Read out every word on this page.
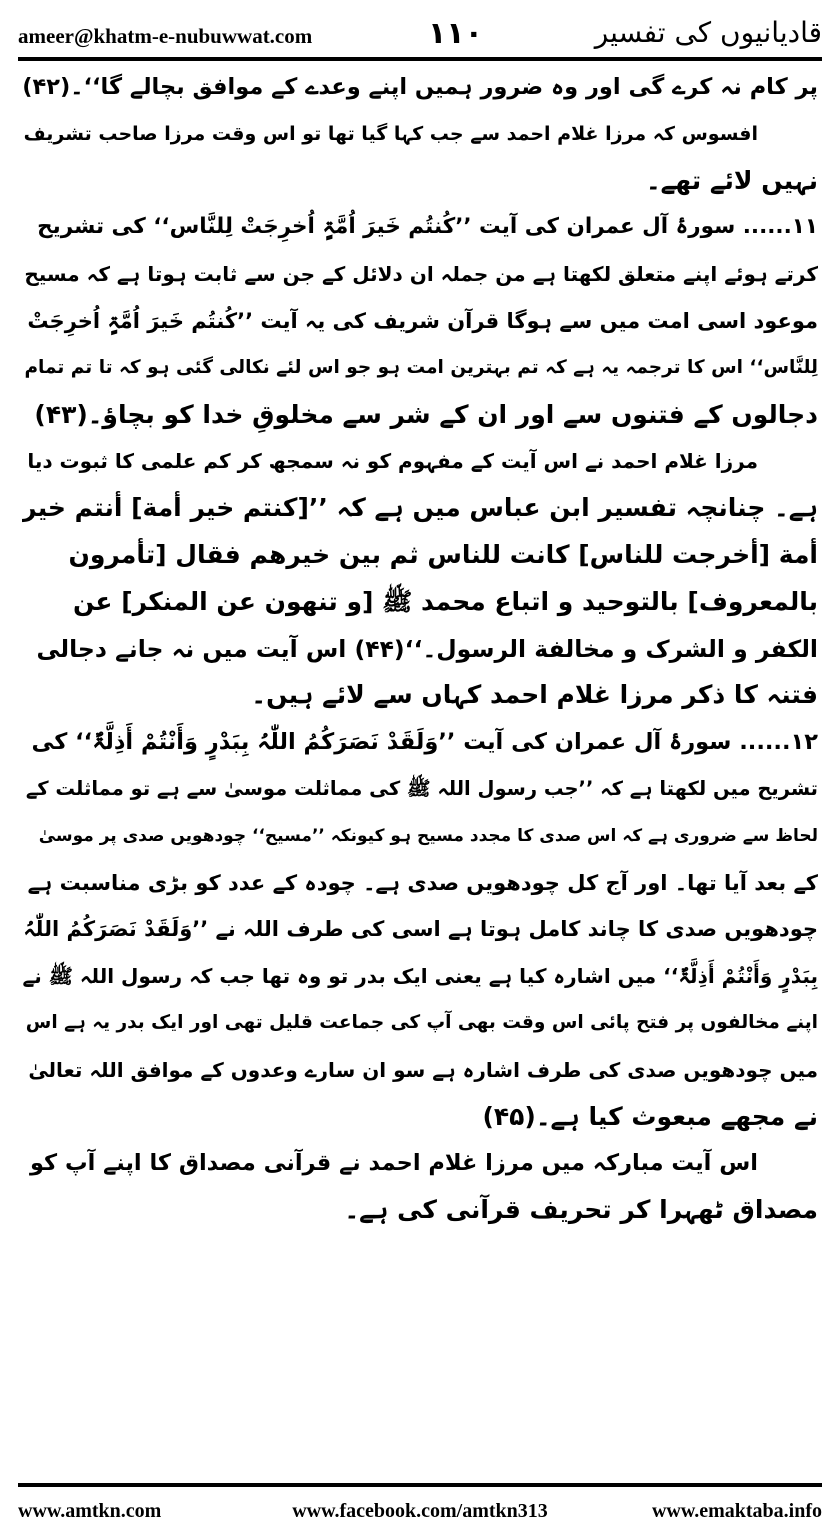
ameer@khatm-e-nubuwwat.com	۱۱۰	قادیانیوں کی تفسیر
پر کام نہ کرے گی اور وہ ضرور ہمیں اپنے وعدے کے موافق بچالے گا‘‘۔(۴۲)
افسوس کہ مرزا غلام احمد سے جب کہا گیا تھا تو اس وقت مرزا صاحب تشریف
نہیں لائے تھے۔
۱۱...... سورۂ آل عمران کی آیت ’’کُنتُم خَیرَ اُمَّۃٍ اُخرِجَتْ لِلنَّاس‘‘ کی تشریح
کرتے ہوئے اپنے متعلق لکھتا ہے من جملہ ان دلائل کے جن سے ثابت ہوتا ہے کہ مسیح
موعود اسی امت میں سے ہوگا قرآن شریف کی یہ آیت ’’کُنتُم خَیرَ اُمَّۃٍ اُخرِجَتْ
لِلنَّاس‘‘ اس کا ترجمہ یہ ہے کہ تم بہترین امت ہو جو اس لئے نکالی گئی ہو کہ تا تم تمام
دجالوں کے فتنوں سے اور ان کے شر سے مخلوقِ خدا کو بچاؤ۔(۴۳)
مرزا غلام احمد نے اس آیت کے مفہوم کو نہ سمجھ کر کم علمی کا ثبوت دیا
ہے۔ چنانچہ تفسیر ابن عباس میں ہے کہ ’’[کنتم خیر أمة] أنتم خیر
أمة [أخرجت للناس] کانت للناس ثم بین خیرهم فقال [تأمرون
بالمعروف] بالتوحید و اتباع محمد ﷺ [و تنهون عن المنکر] عن
الکفر و الشرک و مخالفة الرسول۔‘‘(۴۴) اس آیت میں نہ جانے دجالی
فتنہ کا ذکر مرزا غلام احمد کہاں سے لائے ہیں۔
۱۲...... سورۂ آل عمران کی آیت ’’وَلَقَدْ نَصَرَکُمُ اللّٰہُ بِبَدْرٍ وَأَنْتُمْ أَذِلَّۃٌ‘‘ کی
تشریح میں لکھتا ہے کہ ’’جب رسول اللہ ﷺ کی مماثلت موسیٰ سے ہے تو مماثلت کے
لحاظ سے ضروری ہے کہ اس صدی کا مجدد مسیح ہو کیونکہ ’’مسیح‘‘ چودھویں صدی پر موسیٰ
کے بعد آیا تھا۔ اور آج کل چودھویں صدی ہے۔ چودہ کے عدد کو بڑی مناسبت ہے
چودھویں صدی کا چاند کامل ہوتا ہے اسی کی طرف اللہ نے ’’وَلَقَدْ نَصَرَکُمُ اللّٰہُ
بِبَدْرٍ وَأَنْتُمْ أَذِلَّۃٌ‘‘ میں اشارہ کیا ہے یعنی ایک بدر تو وہ تھا جب کہ رسول اللہ ﷺ نے
اپنے مخالفوں پر فتح پائی اس وقت بھی آپ کی جماعت قلیل تھی اور ایک بدر یہ ہے اس
میں چودھویں صدی کی طرف اشارہ ہے سو ان سارے وعدوں کے موافق اللہ تعالیٰ
نے مجھے مبعوث کیا ہے۔(۴۵)
اس آیت مبارکہ میں مرزا غلام احمد نے قرآنی مصداق کا اپنے آپ کو
مصداق ٹھہرا کر تحریف قرآنی کی ہے۔
www.amtkn.com	www.facebook.com/amtkn313	www.emaktaba.info
